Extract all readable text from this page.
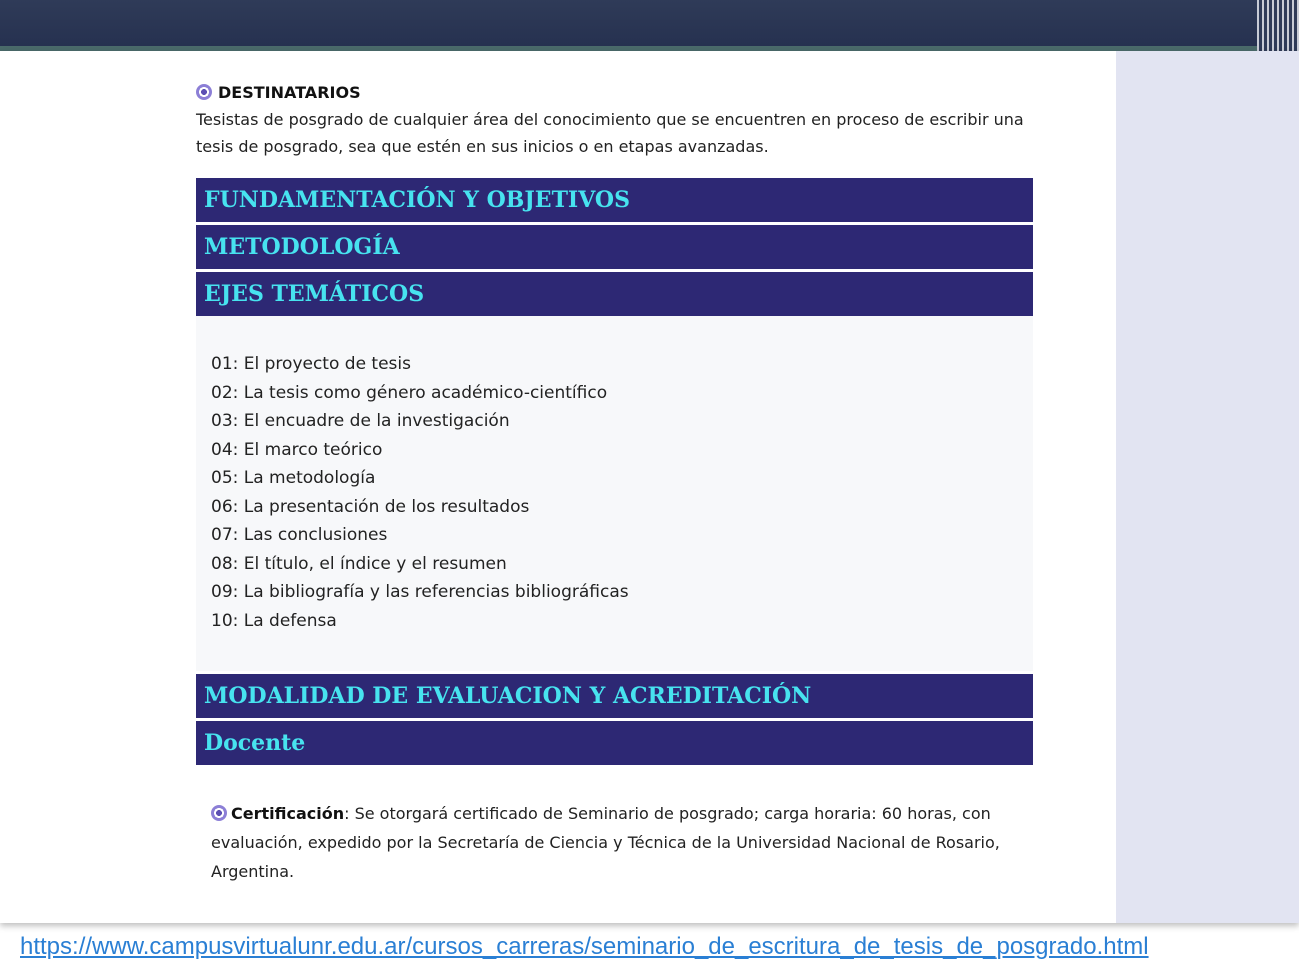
DESTINATARIOS

Tesistas de posgrado de cualquier área del conocimiento que se encuentren en proceso de escribir una tesis de posgrado, sea que estén en sus inicios o en etapas avanzadas.

FUNDAMENTACIÓN Y OBJETIVOS
METODOLOGÍA
EJES TEMÁTICOS
01: El proyecto de tesis
02: La tesis como género académico-científico
03: El encuadre de la investigación
04: El marco teórico
05: La metodología
06: La presentación de los resultados
07: Las conclusiones
08: El título, el índice y el resumen
09: La bibliografía y las referencias bibliográficas
10: La defensa
MODALIDAD DE EVALUACION Y ACREDITACIÓN
Docente
Certificación: Se otorgará certificado de Seminario de posgrado; carga horaria: 60 horas, con evaluación, expedido por la Secretaría de Ciencia y Técnica de la Universidad Nacional de Rosario, Argentina.
https://www.campusvirtualunr.edu.ar/cursos_carreras/seminario_de_escritura_de_tesis_de_posgrado.html
